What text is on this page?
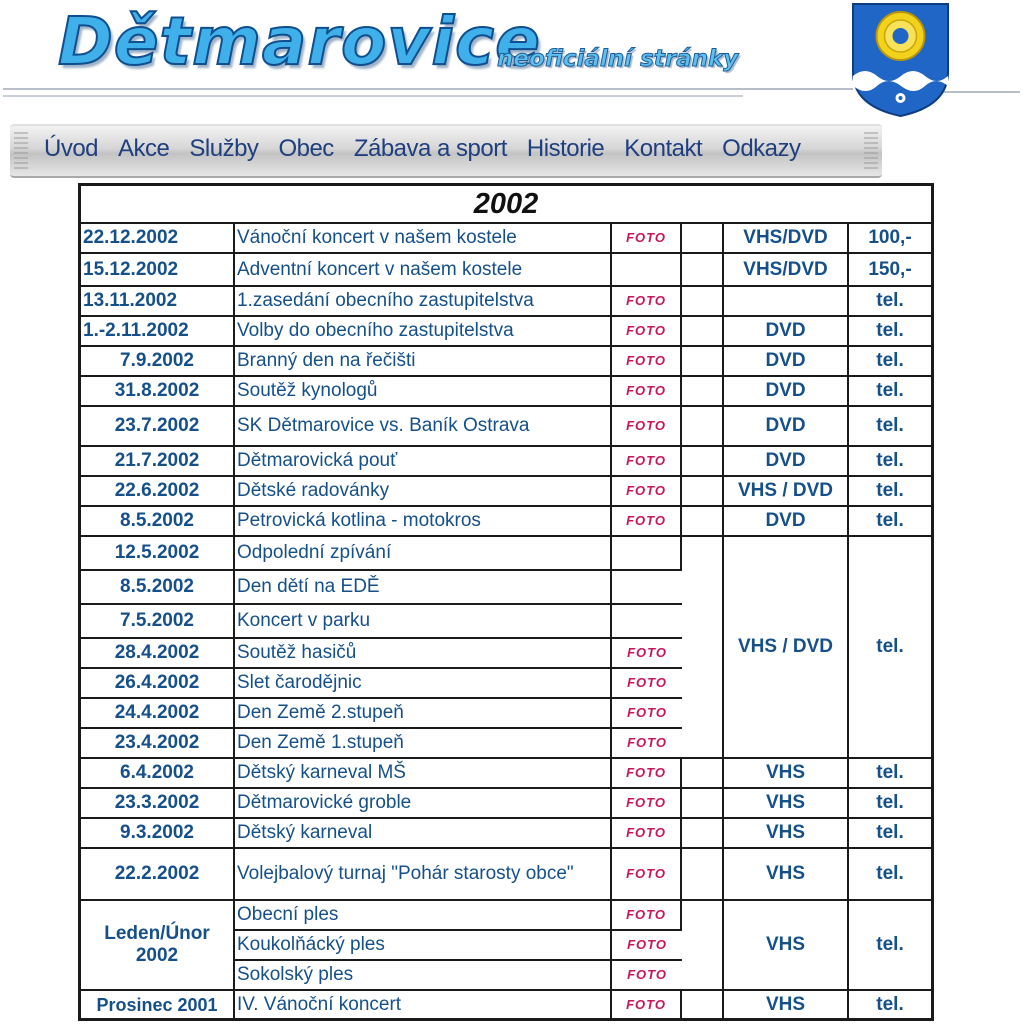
Dětmarovice
neoficiální stránky
Úvod Akce Služby Obec Zábava a sport Historie Kontakt Odkazy
2002					
22.12.2002	Vánoční koncert v našem kostele	FOTO		VHS/DVD	100,-
15.12.2002	Adventní koncert v našem kostele			VHS/DVD	150,-
13.11.2002	1.zasedání obecního zastupitelstva	FOTO			tel.
1.-2.11.2002	Volby do obecního zastupitelstva	FOTO		DVD	tel.
7.9.2002	Branný den na řečišti	FOTO		DVD	tel.
31.8.2002	Soutěž kynologů	FOTO		DVD	tel.
23.7.2002	SK Dětmarovice vs. Baník Ostrava	FOTO		DVD	tel.
21.7.2002	Dětmarovická pouť	FOTO		DVD	tel.
22.6.2002	Dětské radovánky	FOTO		VHS / DVD	tel.
8.5.2002	Petrovická kotlina - motokros	FOTO		DVD	tel.
12.5.2002	Odpolední zpívání			VHS / DVD	tel.
8.5.2002	Den dětí na EDĚ				
7.5.2002	Koncert v parku				
28.4.2002	Soutěž hasičů	FOTO			
26.4.2002	Slet čarodějnic	FOTO			
24.4.2002	Den Země 2.stupeň	FOTO			
23.4.2002	Den Země 1.stupeň	FOTO			
6.4.2002	Dětský karneval MŠ	FOTO		VHS	tel.
23.3.2002	Dětmarovické groble	FOTO		VHS	tel.
9.3.2002	Dětský karneval	FOTO		VHS	tel.
22.2.2002	Volejbalový turnaj "Pohár starosty obce"	FOTO		VHS	tel.
Leden/Únor 2002	Obecní ples	FOTO		VHS	tel.
	Koukolňácký ples	FOTO			
	Sokolský ples	FOTO			
Prosinec 2001	IV. Vánoční koncert	FOTO		VHS	tel.
